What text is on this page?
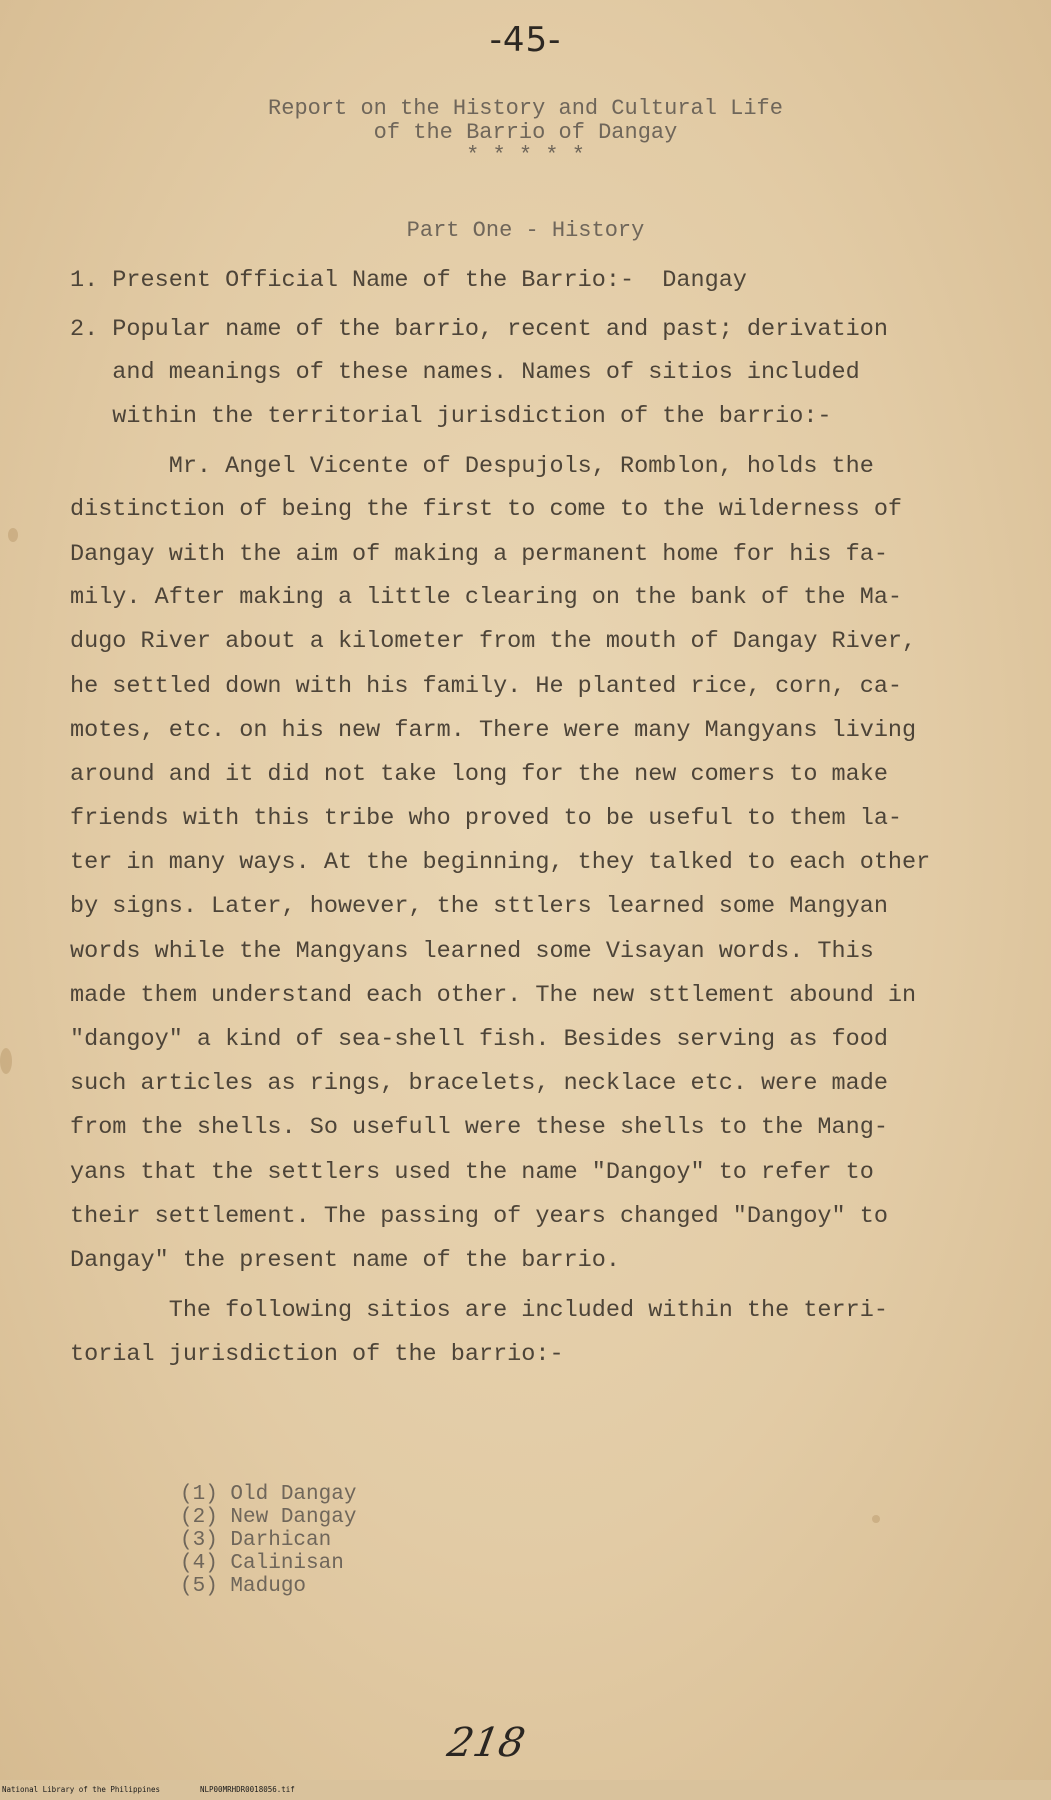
-45-
Report on the History and Cultural Life
of the Barrio of Dangay
* * * * *
Part One - History
1. Present Official Name of the Barrio:-  Dangay
2. Popular name of the barrio, recent and past; derivation
and meanings of these names. Names of sitios included
within the territorial jurisdiction of the barrio:-
Mr. Angel Vicente of Despujols, Romblon, holds the
distinction of being the first to come to the wilderness of
Dangay with the aim of making a permanent home for his fa-
mily. After making a little clearing on the bank of the Ma-
dugo River about a kilometer from the mouth of Dangay River,
he settled down with his family. He planted rice, corn, ca-
motes, etc. on his new farm. There were many Mangyans living
around and it did not take long for the new comers to make
friends with this tribe who proved to be useful to them la-
ter in many ways. At the beginning, they talked to each other
by signs. Later, however, the sttlers learned some Mangyan
words while the Mangyans learned some Visayan words. This
made them understand each other. The new sttlement abound in
"dangoy" a kind of sea-shell fish. Besides serving as food
such articles as rings, bracelets, necklace etc. were made
from the shells. So usefull were these shells to the Mang-
yans that the settlers used the name "Dangoy" to refer to
their settlement. The passing of years changed "Dangoy" to
Dangay" the present name of the barrio.
The following sitios are included within the terri-
torial jurisdiction of the barrio:-
(1) Old Dangay
(2) New Dangay
(3) Darhican
(4) Calinisan
(5) Madugo
218
National Library of the Philippines	NLP00MRHDR0018056.tif
